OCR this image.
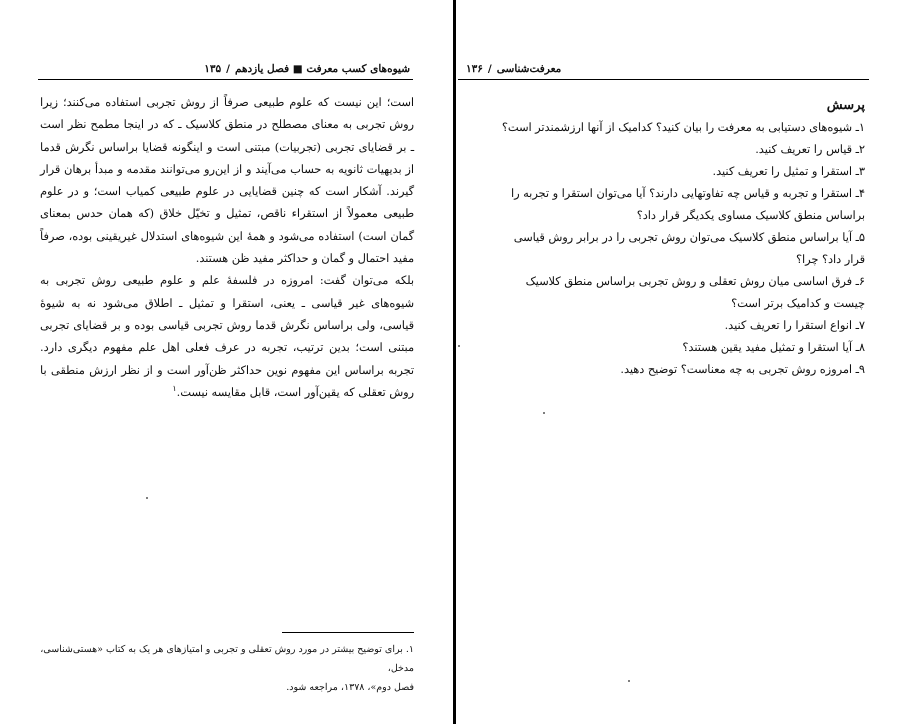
شیوه‌های کسب معرفت ■ فصل یازدهم
/
۱۳۵

است؛ این نیست که علوم طبیعی صرفاً از روش تجربی استفاده می‌کنند؛ زیرا روش تجربی به معنای مصطلح در منطق کلاسیک ـ که در اینجا مطمح نظر است ـ بر قضایای تجربی (تجربیات) مبتنی است و اینگونه قضایا براساس نگرش قدما از بدیهیات ثانویه به حساب می‌آیند و از این‌رو می‌توانند مقدمه و مبدأ برهان قرار گیرند. آشکار است که چنین قضایایی در علوم طبیعی کمیاب است؛ و در علوم طبیعی معمولاً از استقراء ناقص، تمثیل و تخیّل خلاق (که همان حدس بمعنای گمان است) استفاده می‌شود و همهٔ این شیوه‌های استدلال غیریقینی بوده، صرفاً مفید احتمال و گمان و حداکثر مفید ظن هستند.

بلکه می‌توان گفت: امروزه در فلسفهٔ علم و علوم طبیعی روش تجربی به شیوه‌های غیر قیاسی ـ یعنی، استقرا و تمثیل ـ اطلاق می‌شود نه به شیوهٔ قیاسی، ولی براساس نگرش قدما روش تجربی قیاسی بوده و بر قضایای تجربی مبتنی است؛ بدین ترتیب، تجربه در عرف فعلی اهل علم مفهوم دیگری دارد. تجربه براساس این مفهوم نوین حداکثر ظن‌آور است و از نظر ارزش منطقی با روش تعقلی که یقین‌آور است، قابل مقایسه نیست.$^۱$

۱. برای توضیح بیشتر در مورد روش تعقلی و تجربی و امتیازهای هر یک به کتاب «هستی‌شناسی، مدخل،

فصل دوم»، ۱۳۷۸، مراجعه شود.

معرفت‌شناسی
/
۱۳۶
پرسش
۱ـ شیوه‌های دستیابی به معرفت را بیان کنید؟ کدامیک از آنها ارزشمندتر است؟
۲ـ قیاس را تعریف کنید.
۳ـ استقرا و تمثیل را تعریف کنید.
۴ـ استقرا و تجربه و قیاس چه تفاوتهایی دارند؟ آیا می‌توان استقرا و تجربه را براساس منطق کلاسیک مساوی یکدیگر قرار داد؟
۵ـ آیا براساس منطق کلاسیک می‌توان روش تجربی را در برابر روش قیاسی قرار داد؟ چرا؟
۶ـ فرق اساسی میان روش تعقلی و روش تجربی براساس منطق کلاسیک چیست و کدامیک برتر است؟
۷ـ انواع استقرا را تعریف کنید.
۸ـ آیا استقرا و تمثیل مفید یقین هستند؟
۹ـ امروزه روش تجربی به چه معناست؟ توضیح دهید.
